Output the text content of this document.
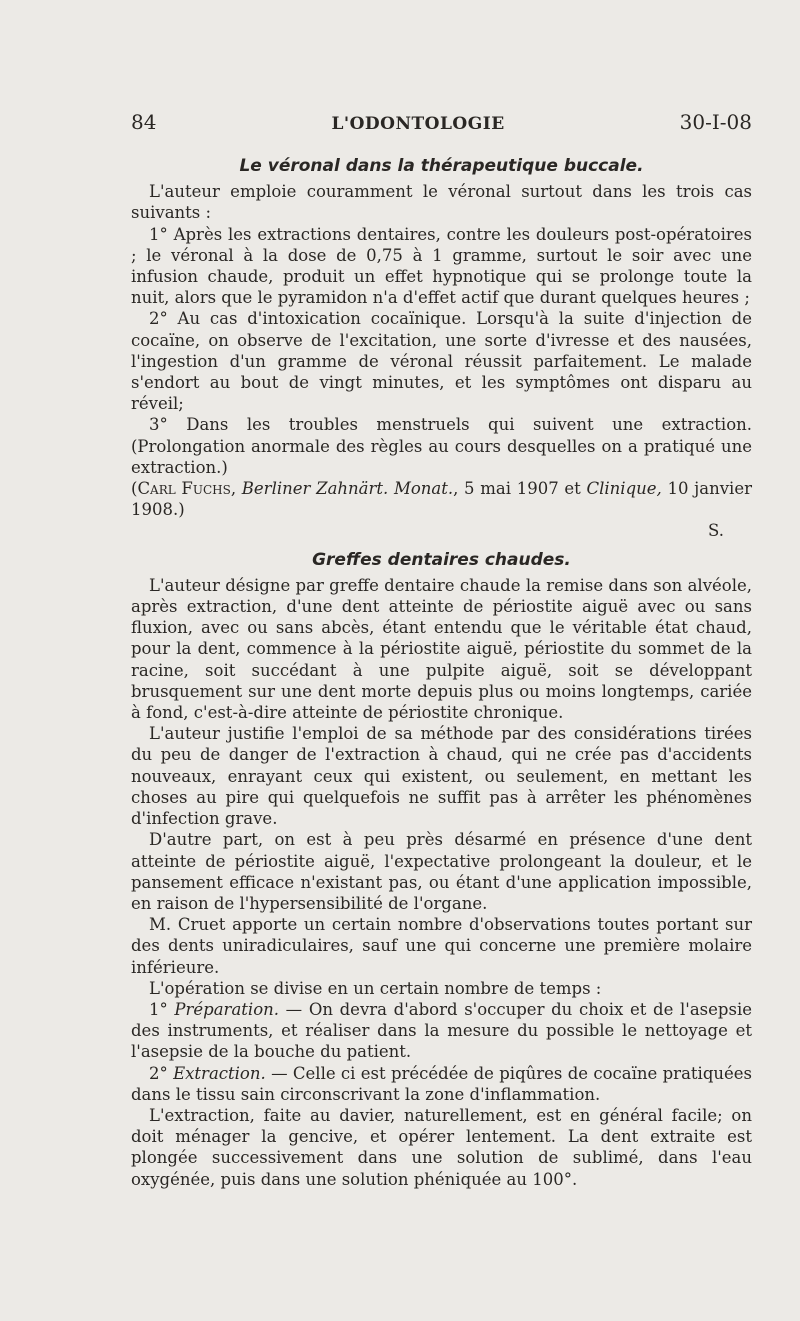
84	L'ODONTOLOGIE	30-I-08
Le véronal dans la thérapeutique buccale.

L'auteur emploie couramment le véronal surtout dans les trois cas suivants :

1° Après les extractions dentaires, contre les douleurs post-opératoires ; le véronal à la dose de 0,75 à 1 gramme, surtout le soir avec une infusion chaude, produit un effet hypnotique qui se prolonge toute la nuit, alors que le pyramidon n'a d'effet actif que durant quelques heures ;

2° Au cas d'intoxication cocaïnique. Lorsqu'à la suite d'injection de cocaïne, on observe de l'excitation, une sorte d'ivresse et des nausées, l'ingestion d'un gramme de véronal réussit parfaitement. Le malade s'endort au bout de vingt minutes, et les symptômes ont disparu au réveil;

3° Dans les troubles menstruels qui suivent une extraction. (Prolongation anormale des règles au cours desquelles on a pratiqué une extraction.)

(Carl Fuchs, Berliner Zahnärt. Monat., 5 mai 1907 et Clinique, 10 janvier 1908.)

S.

Greffes dentaires chaudes.

L'auteur désigne par greffe dentaire chaude la remise dans son alvéole, après extraction, d'une dent atteinte de périostite aiguë avec ou sans fluxion, avec ou sans abcès, étant entendu que le véritable état chaud, pour la dent, commence à la périostite aiguë, périostite du sommet de la racine, soit succédant à une pulpite aiguë, soit se développant brusquement sur une dent morte depuis plus ou moins longtemps, cariée à fond, c'est-à-dire atteinte de périostite chronique.

L'auteur justifie l'emploi de sa méthode par des considérations tirées du peu de danger de l'extraction à chaud, qui ne crée pas d'accidents nouveaux, enrayant ceux qui existent, ou seulement, en mettant les choses au pire qui quelquefois ne suffit pas à arrêter les phénomènes d'infection grave.

D'autre part, on est à peu près désarmé en présence d'une dent atteinte de périostite aiguë, l'expectative prolongeant la douleur, et le pansement efficace n'existant pas, ou étant d'une application impossible, en raison de l'hypersensibilité de l'organe.

M. Cruet apporte un certain nombre d'observations toutes portant sur des dents uniradiculaires, sauf une qui concerne une première molaire inférieure.

L'opération se divise en un certain nombre de temps :

1° Préparation. — On devra d'abord s'occuper du choix et de l'asepsie des instruments, et réaliser dans la mesure du possible le nettoyage et l'asepsie de la bouche du patient.

2° Extraction. — Celle ci est précédée de piqûres de cocaïne pratiquées dans le tissu sain circonscrivant la zone d'inflammation.

L'extraction, faite au davier, naturellement, est en général facile; on doit ménager la gencive, et opérer lentement. La dent extraite est plongée successivement dans une solution de sublimé, dans l'eau oxygénée, puis dans une solution phéniquée au 100°.
